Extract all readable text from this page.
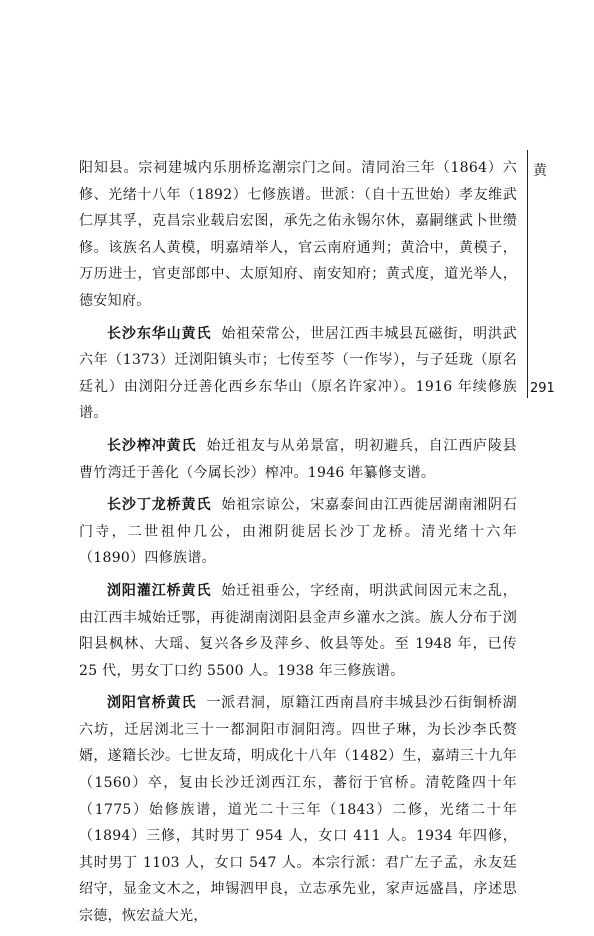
黄
291

阳知县。宗祠建城内乐朋桥迄潮宗门之间。清同治三年（1864）六修、光绪十八年（1892）七修族谱。世派：（自十五世始）孝友维武仁厚其孚，克昌宗业载启宏图，承先之佑永锡尔休，嘉嗣继武卜世缵修。该族名人黄模，明嘉靖举人，官云南府通判；黄洽中，黄模子，万历进士，官吏部郎中、太原知府、南安知府；黄式度，道光举人，德安知府。

长沙东华山黄氏 始祖荣常公，世居江西丰城县瓦磁街，明洪武六年（1373）迁浏阳镇头市；七传至芩（一作岑），与子廷珑（原名廷礼）由浏阳分迁善化西乡东华山（原名许家冲）。1916 年续修族谱。

长沙榨冲黄氏 始迁祖友与从弟景富，明初避兵，自江西庐陵县曹竹湾迁于善化（今属长沙）榨冲。1946 年纂修支谱。

长沙丁龙桥黄氏 始祖宗谅公，宋嘉泰间由江西徙居湖南湘阴石门寺，二世祖仲几公，由湘阴徙居长沙丁龙桥。清光绪十六年（1890）四修族谱。

浏阳灌江桥黄氏 始迁祖垂公，字经南，明洪武间因元末之乱，由江西丰城始迁鄂，再徙湖南浏阳县金声乡灌水之滨。族人分布于浏阳县枫林、大瑶、复兴各乡及萍乡、攸县等处。至 1948 年，已传 25 代，男女丁口约 5500 人。1938 年三修族谱。

浏阳官桥黄氏 一派君洞，原籍江西南昌府丰城县沙石街铜桥湖六坊，迁居浏北三十一都洞阳市洞阳湾。四世子琳，为长沙李氏赘婿，遂籍长沙。七世友琦，明成化十八年（1482）生，嘉靖三十九年（1560）卒，复由长沙迁浏西江东，蕃衍于官桥。清乾隆四十年（1775）始修族谱，道光二十三年（1843）二修，光绪二十年（1894）三修，其时男丁 954 人，女口 411 人。1934 年四修，其时男丁 1103 人，女口 547 人。本宗行派：君广左子孟，永友廷绍守，显金文木之，坤锡泗甲良，立志承先业，家声远盛昌，序述思宗德，恢宏益大光，
